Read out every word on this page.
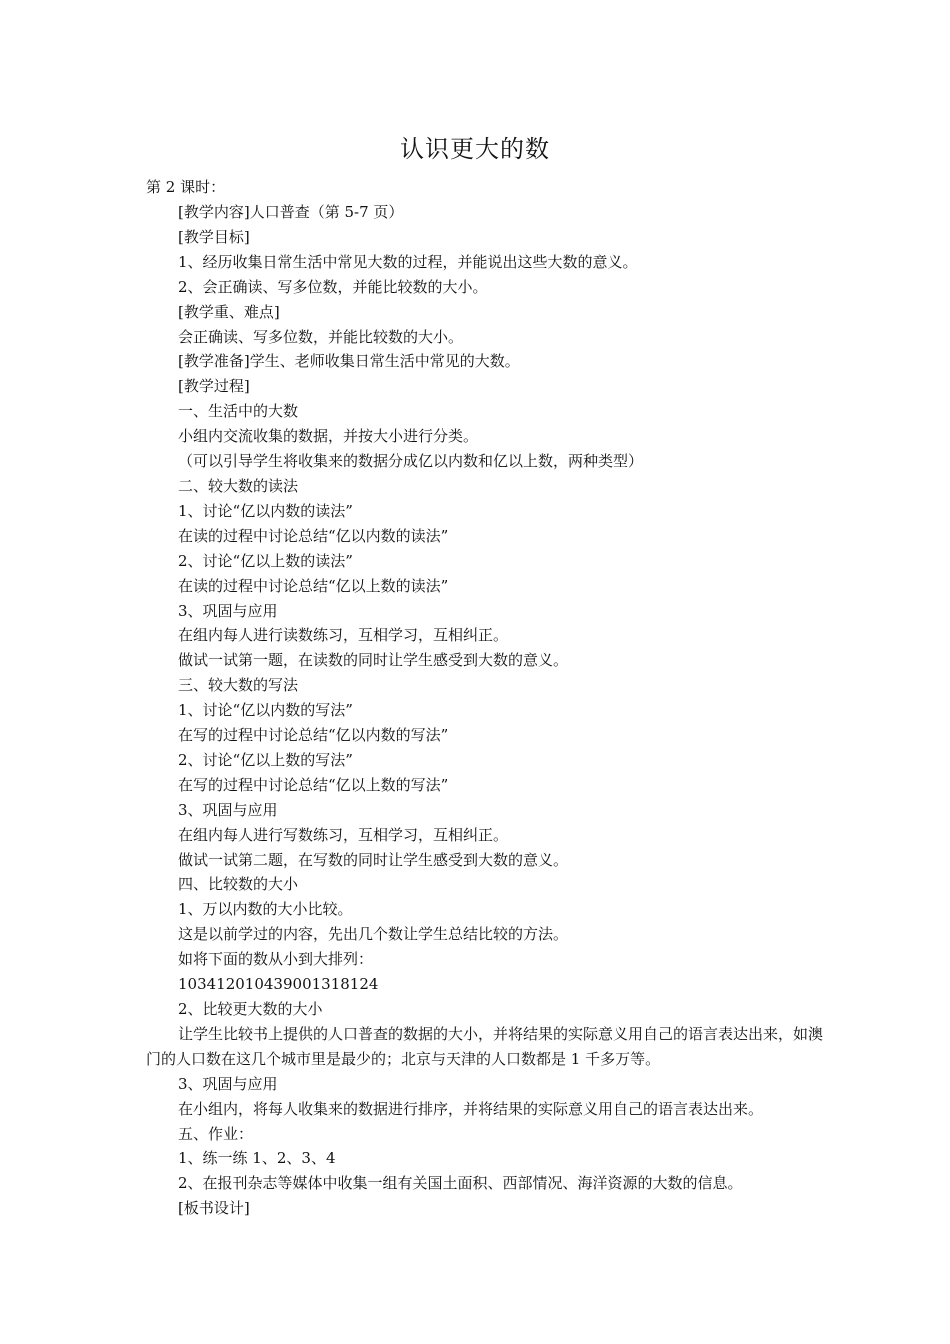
认识更大的数
第 2 课时：
[教学内容]人口普查（第 5-7 页）
[教学目标]
1、经历收集日常生活中常见大数的过程，并能说出这些大数的意义。
2、会正确读、写多位数，并能比较数的大小。
[教学重、难点]
会正确读、写多位数，并能比较数的大小。
[教学准备]学生、老师收集日常生活中常见的大数。
[教学过程]
一、生活中的大数
小组内交流收集的数据，并按大小进行分类。
（可以引导学生将收集来的数据分成亿以内数和亿以上数，两种类型）
二、较大数的读法
1、讨论“亿以内数的读法”
在读的过程中讨论总结“亿以内数的读法”
2、讨论“亿以上数的读法”
在读的过程中讨论总结“亿以上数的读法”
3、巩固与应用
在组内每人进行读数练习，互相学习，互相纠正。
做试一试第一题，在读数的同时让学生感受到大数的意义。
三、较大数的写法
1、讨论“亿以内数的写法”
在写的过程中讨论总结“亿以内数的写法”
2、讨论“亿以上数的写法”
在写的过程中讨论总结“亿以上数的写法”
3、巩固与应用
在组内每人进行写数练习，互相学习，互相纠正。
做试一试第二题，在写数的同时让学生感受到大数的意义。
四、比较数的大小
1、万以内数的大小比较。
这是以前学过的内容，先出几个数让学生总结比较的方法。
如将下面的数从小到大排列：
103412010439001318124
2、比较更大数的大小
让学生比较书上提供的人口普查的数据的大小，并将结果的实际意义用自己的语言表达出来，如澳门的人口数在这几个城市里是最少的；北京与天津的人口数都是 1 千多万等。
3、巩固与应用
在小组内，将每人收集来的数据进行排序，并将结果的实际意义用自己的语言表达出来。
五、作业：
1、练一练 1、2、3、4
2、在报刊杂志等媒体中收集一组有关国土面积、西部情况、海洋资源的大数的信息。
[板书设计]
